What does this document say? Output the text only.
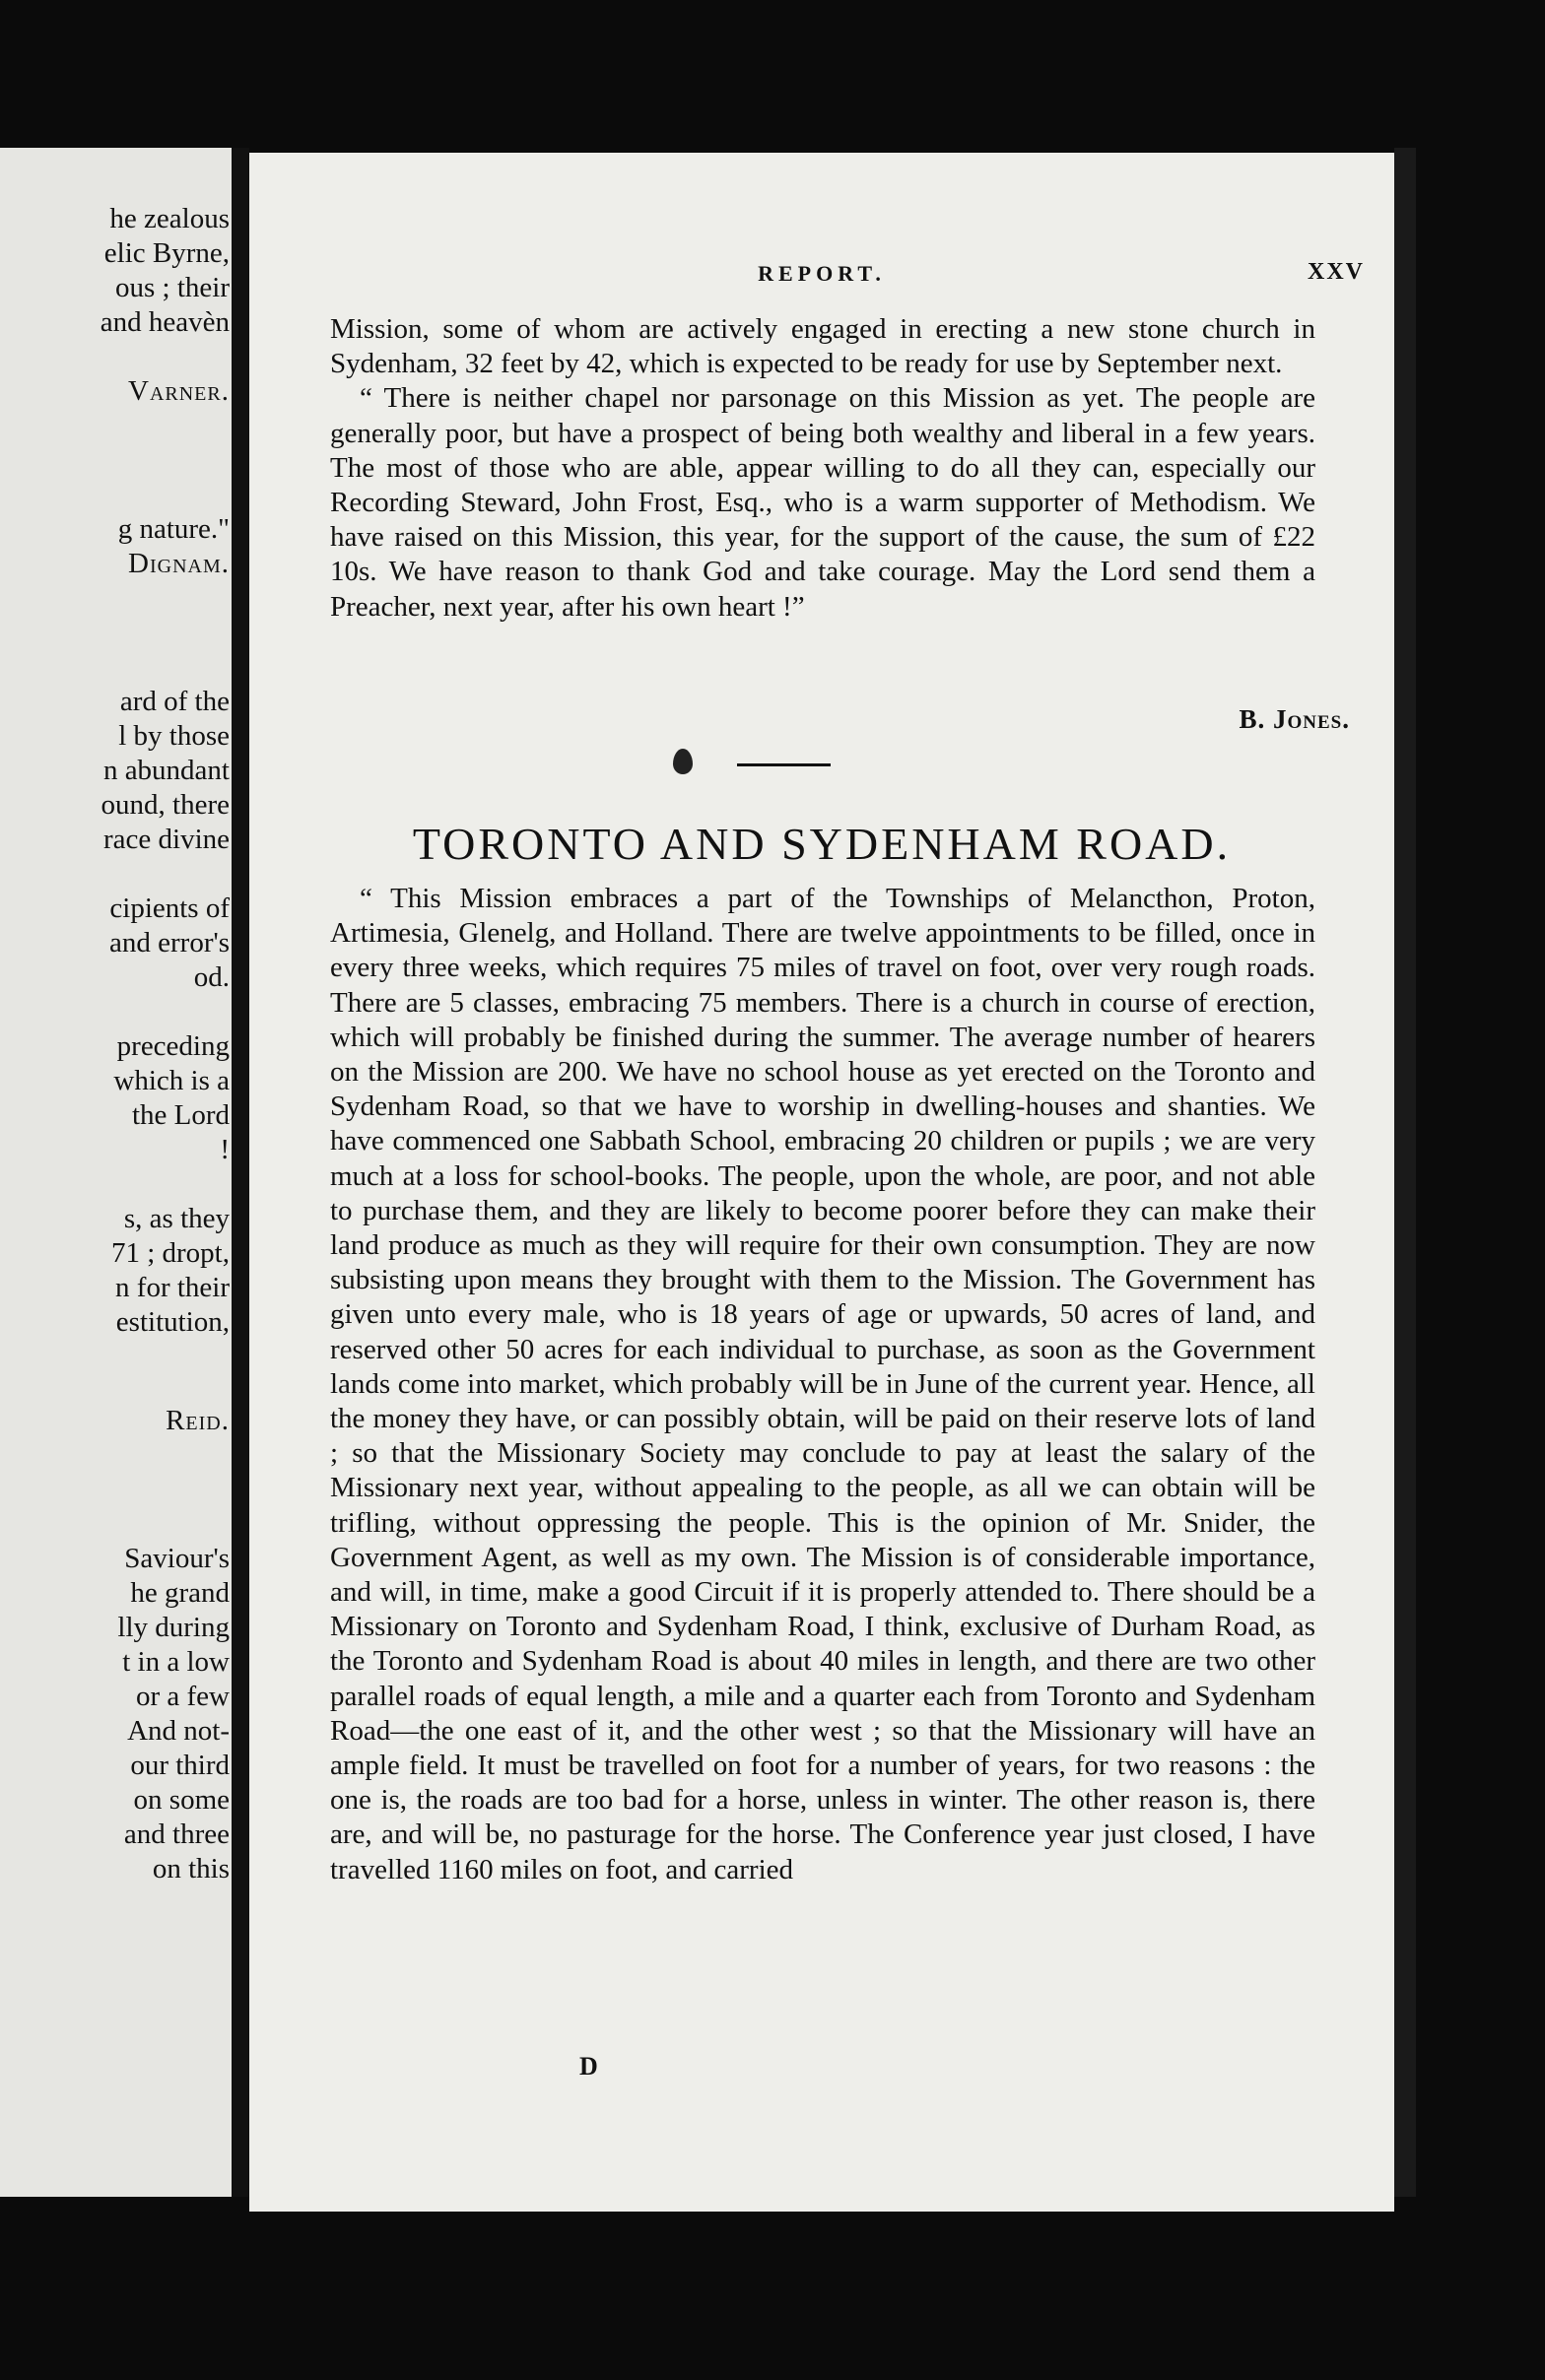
he zealous
elic Byrne,
ous ; their
and heavèn
Varner.
g nature."
Dignam.
ard of the
l by those
n abundant
ound, there
race divine
cipients of
and error's
od.
preceding
which is a
the Lord
!
s, as they
71 ; dropt,
n for their
estitution,
Reid.
Saviour's
he grand
lly during
t in a low
or a few
And not-
our third
on some
and three
on this
REPORT.	XXV

Mission, some of whom are actively engaged in erecting a new stone church in Sydenham, 32 feet by 42, which is expected to be ready for use by September next.

“ There is neither chapel nor parsonage on this Mission as yet. The people are generally poor, but have a prospect of being both wealthy and liberal in a few years. The most of those who are able, appear willing to do all they can, especially our Recording Steward, John Frost, Esq., who is a warm supporter of Methodism. We have raised on this Mission, this year, for the support of the cause, the sum of £22 10s. We have reason to thank God and take courage. May the Lord send them a Preacher, next year, after his own heart !”

B. Jones.
TORONTO AND SYDENHAM ROAD.

“ This Mission embraces a part of the Townships of Melancthon, Proton, Artimesia, Glenelg, and Holland. There are twelve appointments to be filled, once in every three weeks, which requires 75 miles of travel on foot, over very rough roads. There are 5 classes, embracing 75 members. There is a church in course of erection, which will probably be finished during the summer. The average number of hearers on the Mission are 200. We have no school house as yet erected on the Toronto and Sydenham Road, so that we have to worship in dwelling-houses and shanties. We have commenced one Sabbath School, embracing 20 children or pupils ; we are very much at a loss for school-books. The people, upon the whole, are poor, and not able to purchase them, and they are likely to become poorer before they can make their land produce as much as they will require for their own consumption. They are now subsisting upon means they brought with them to the Mission. The Government has given unto every male, who is 18 years of age or upwards, 50 acres of land, and reserved other 50 acres for each individual to purchase, as soon as the Government lands come into market, which probably will be in June of the current year. Hence, all the money they have, or can possibly obtain, will be paid on their reserve lots of land ; so that the Missionary Society may conclude to pay at least the salary of the Missionary next year, without appealing to the people, as all we can obtain will be trifling, without oppressing the people. This is the opinion of Mr. Snider, the Government Agent, as well as my own. The Mission is of considerable importance, and will, in time, make a good Circuit if it is properly attended to. There should be a Missionary on Toronto and Sydenham Road, I think, exclusive of Durham Road, as the Toronto and Sydenham Road is about 40 miles in length, and there are two other parallel roads of equal length, a mile and a quarter each from Toronto and Sydenham Road—the one east of it, and the other west ; so that the Missionary will have an ample field. It must be travelled on foot for a number of years, for two reasons : the one is, the roads are too bad for a horse, unless in winter. The other reason is, there are, and will be, no pasturage for the horse. The Conference year just closed, I have travelled 1160 miles on foot, and carried

D
